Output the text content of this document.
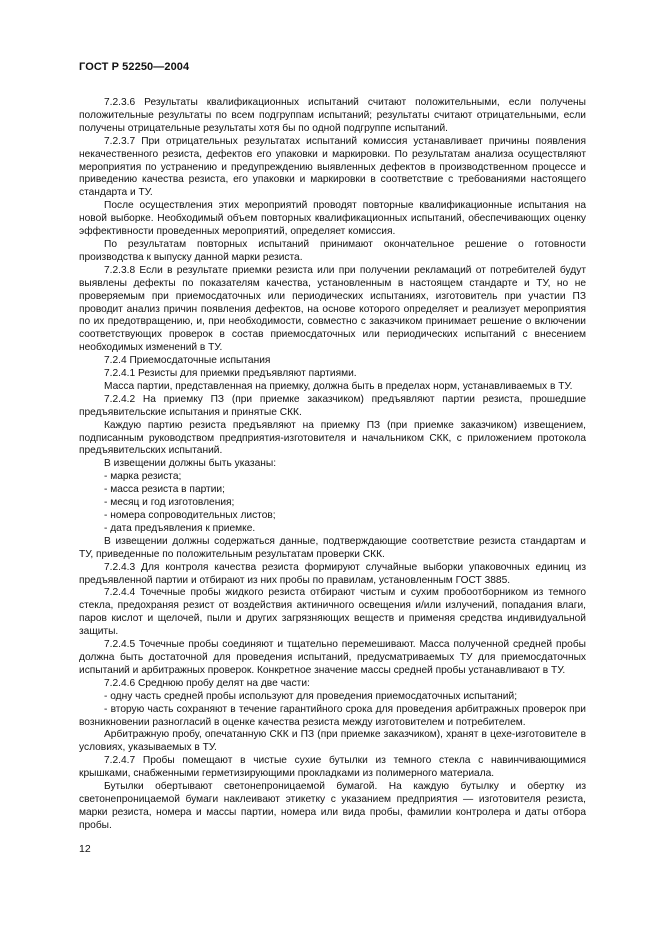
ГОСТ Р 52250—2004

7.2.3.6 Результаты квалификационных испытаний считают положительными, если получены положительные результаты по всем подгруппам испытаний; результаты считают отрицательными, если получены отрицательные результаты хотя бы по одной подгруппе испытаний.

7.2.3.7 При отрицательных результатах испытаний комиссия устанавливает причины появления некачественного резиста, дефектов его упаковки и маркировки. По результатам анализа осуществляют мероприятия по устранению и предупреждению выявленных дефектов в производственном процессе и приведению качества резиста, его упаковки и маркировки в соответствие с требованиями настоящего стандарта и ТУ.

После осуществления этих мероприятий проводят повторные квалификационные испытания на новой выборке. Необходимый объем повторных квалификационных испытаний, обеспечивающих оценку эффективности проведенных мероприятий, определяет комиссия.

По результатам повторных испытаний принимают окончательное решение о готовности производства к выпуску данной марки резиста.

7.2.3.8 Если в результате приемки резиста или при получении рекламаций от потребителей будут выявлены дефекты по показателям качества, установленным в настоящем стандарте и ТУ, но не проверяемым при приемосдаточных или периодических испытаниях, изготовитель при участии ПЗ проводит анализ причин появления дефектов, на основе которого определяет и реализует мероприятия по их предотвращению, и, при необходимости, совместно с заказчиком принимает решение о включении соответствующих проверок в состав приемосдаточных или периодических испытаний с внесением необходимых изменений в ТУ.

7.2.4 Приемосдаточные испытания

7.2.4.1 Резисты для приемки предъявляют партиями.

Масса партии, представленная на приемку, должна быть в пределах норм, устанавливаемых в ТУ.

7.2.4.2 На приемку ПЗ (при приемке заказчиком) предъявляют партии резиста, прошедшие предъявительские испытания и принятые СКК.

Каждую партию резиста предъявляют на приемку ПЗ (при приемке заказчиком) извещением, подписанным руководством предприятия-изготовителя и начальником СКК, с приложением протокола предъявительских испытаний.

В извещении должны быть указаны:

- марка резиста;

- масса резиста в партии;

- месяц и год изготовления;

- номера сопроводительных листов;

- дата предъявления к приемке.

В извещении должны содержаться данные, подтверждающие соответствие резиста стандартам и ТУ, приведенные по положительным результатам проверки СКК.

7.2.4.3 Для контроля качества резиста формируют случайные выборки упаковочных единиц из предъявленной партии и отбирают из них пробы по правилам, установленным ГОСТ 3885.

7.2.4.4 Точечные пробы жидкого резиста отбирают чистым и сухим пробоотборником из темного стекла, предохраняя резист от воздействия актиничного освещения и/или излучений, попадания влаги, паров кислот и щелочей, пыли и других загрязняющих веществ и применяя средства индивидуальной защиты.

7.2.4.5 Точечные пробы соединяют и тщательно перемешивают. Масса полученной средней пробы должна быть достаточной для проведения испытаний, предусматриваемых ТУ для приемосдаточных испытаний и арбитражных проверок. Конкретное значение массы средней пробы устанавливают в ТУ.

7.2.4.6 Среднюю пробу делят на две части:

- одну часть средней пробы используют для проведения приемосдаточных испытаний;

- вторую часть сохраняют в течение гарантийного срока для проведения арбитражных проверок при возникновении разногласий в оценке качества резиста между изготовителем и потребителем.

Арбитражную пробу, опечатанную СКК и ПЗ (при приемке заказчиком), хранят в цехе-изготовителе в условиях, указываемых в ТУ.

7.2.4.7 Пробы помещают в чистые сухие бутылки из темного стекла с навинчивающимися крышками, снабженными герметизирующими прокладками из полимерного материала.

Бутылки обертывают светонепроницаемой бумагой. На каждую бутылку и обертку из светонепроницаемой бумаги наклеивают этикетку с указанием предприятия — изготовителя резиста, марки резиста, номера и массы партии, номера или вида пробы, фамилии контролера и даты отбора пробы.

12
